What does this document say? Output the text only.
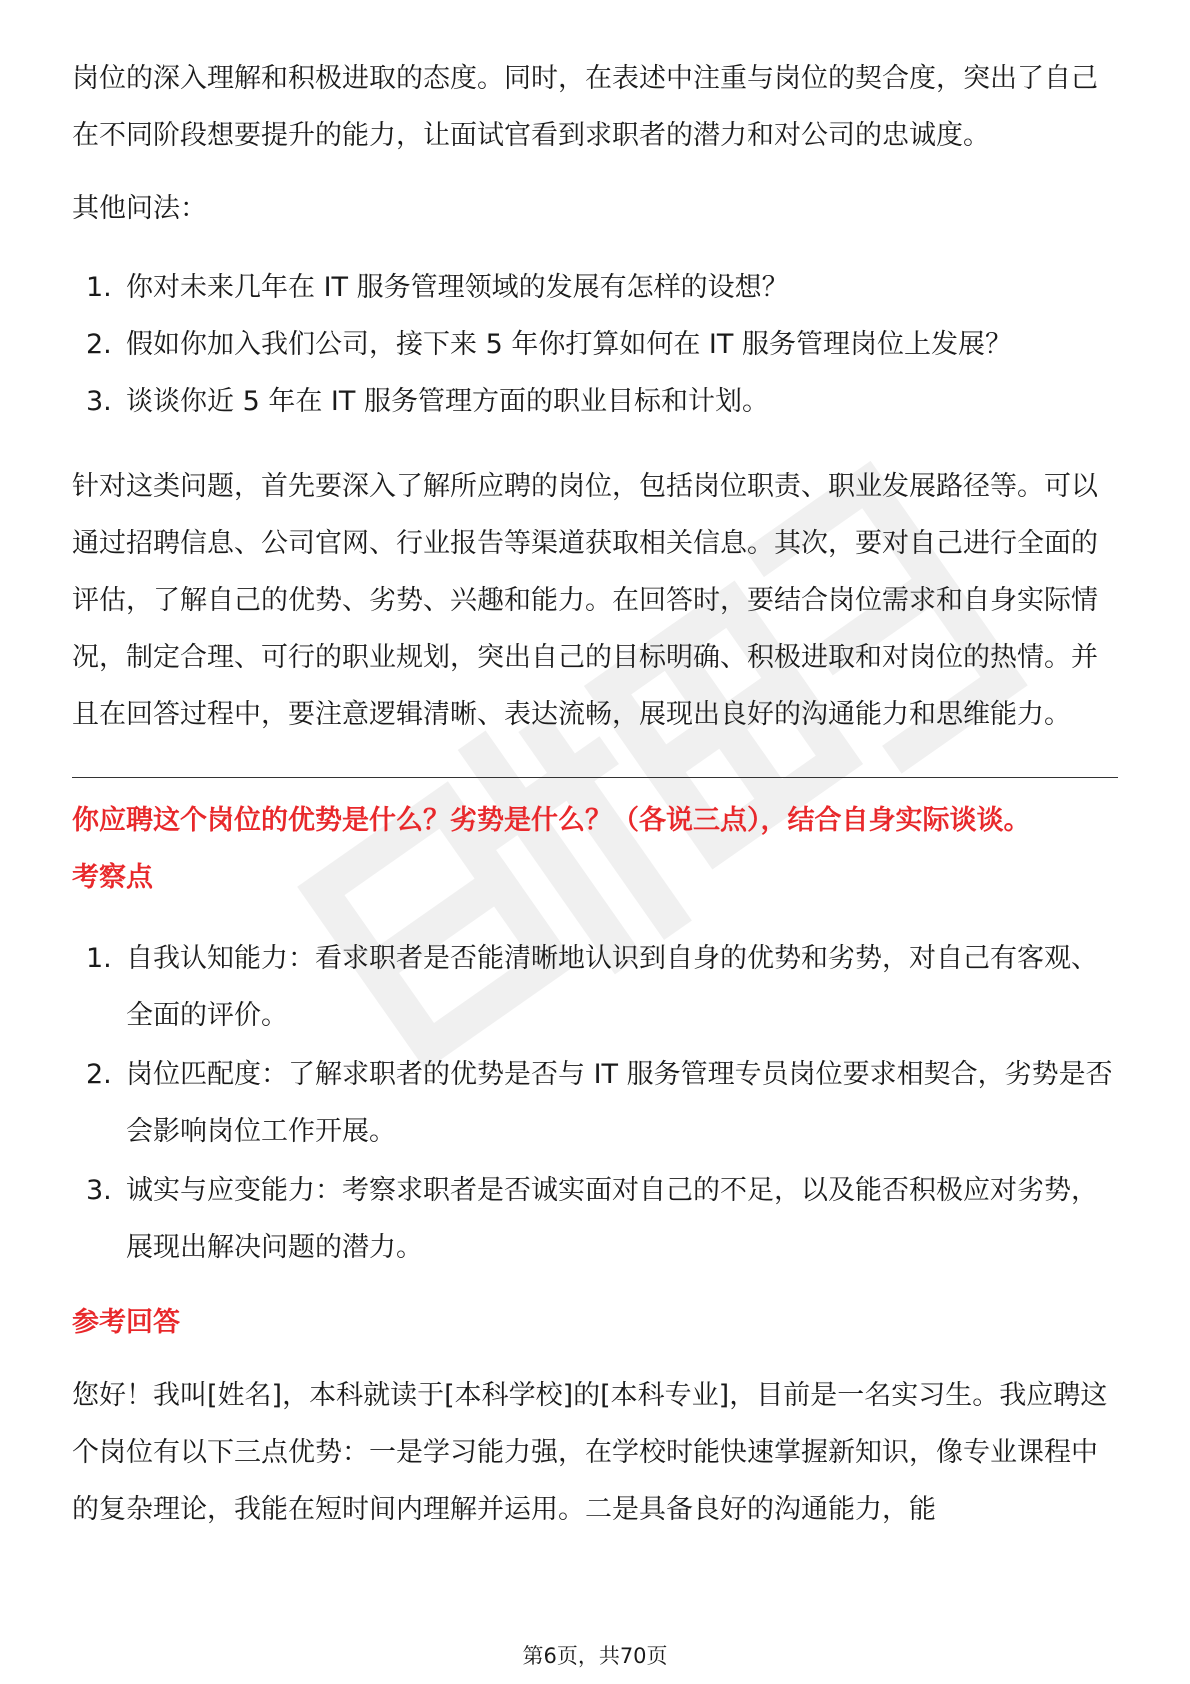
岗位的深入理解和积极进取的态度。同时，在表述中注重与岗位的契合度，突出了自己在不同阶段想要提升的能力，让面试官看到求职者的潜力和对公司的忠诚度。

其他问法：

1. 你对未来几年在 IT 服务管理领域的发展有怎样的设想？
2. 假如你加入我们公司，接下来 5 年你打算如何在 IT 服务管理岗位上发展？
3. 谈谈你近 5 年在 IT 服务管理方面的职业目标和计划。

针对这类问题，首先要深入了解所应聘的岗位，包括岗位职责、职业发展路径等。可以通过招聘信息、公司官网、行业报告等渠道获取相关信息。其次，要对自己进行全面的评估，了解自己的优势、劣势、兴趣和能力。在回答时，要结合岗位需求和自身实际情况，制定合理、可行的职业规划，突出自己的目标明确、积极进取和对岗位的热情。并且在回答过程中，要注意逻辑清晰、表达流畅，展现出良好的沟通能力和思维能力。

你应聘这个岗位的优势是什么？劣势是什么？（各说三点），结合自身实际谈谈。
考察点
1. 自我认知能力：看求职者是否能清晰地认识到自身的优势和劣势，对自己有客观、全面的评价。
2. 岗位匹配度：了解求职者的优势是否与 IT 服务管理专员岗位要求相契合，劣势是否会影响岗位工作开展。
3. 诚实与应变能力：考察求职者是否诚实面对自己的不足，以及能否积极应对劣势，展现出解决问题的潜力。
参考回答

您好！我叫[姓名]，本科就读于[本科学校]的[本科专业]，目前是一名实习生。我应聘这个岗位有以下三点优势：一是学习能力强，在学校时能快速掌握新知识，像专业课程中的复杂理论，我能在短时间内理解并运用。二是具备良好的沟通能力，能

第6页，共70页
